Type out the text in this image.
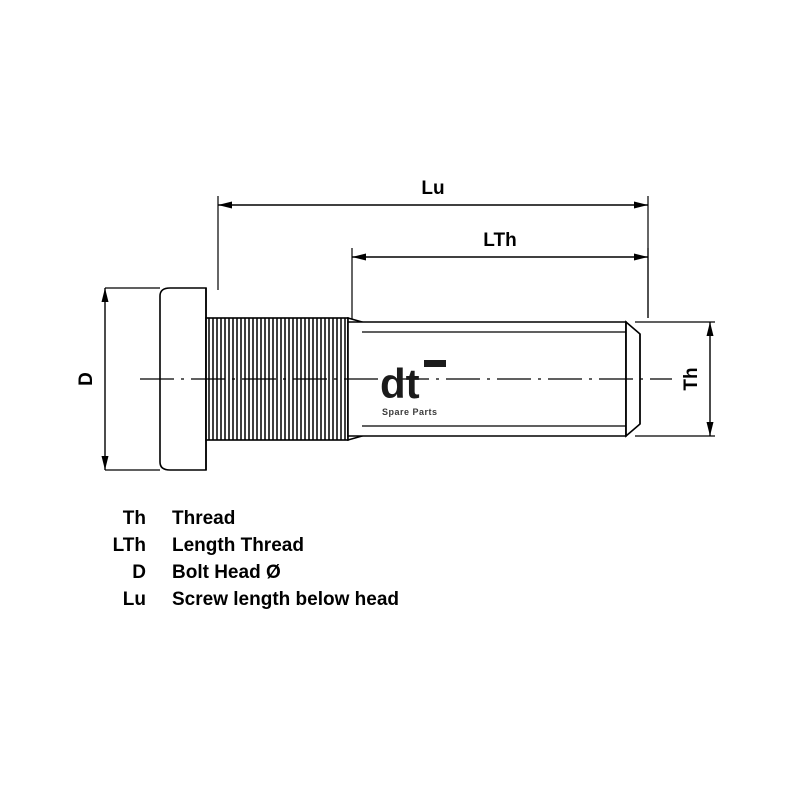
Lu
LTh
D	Th
dt
Spare Parts
Th Thread
LTh Length Thread
D Bolt Head Ø
Lu Screw length below head
